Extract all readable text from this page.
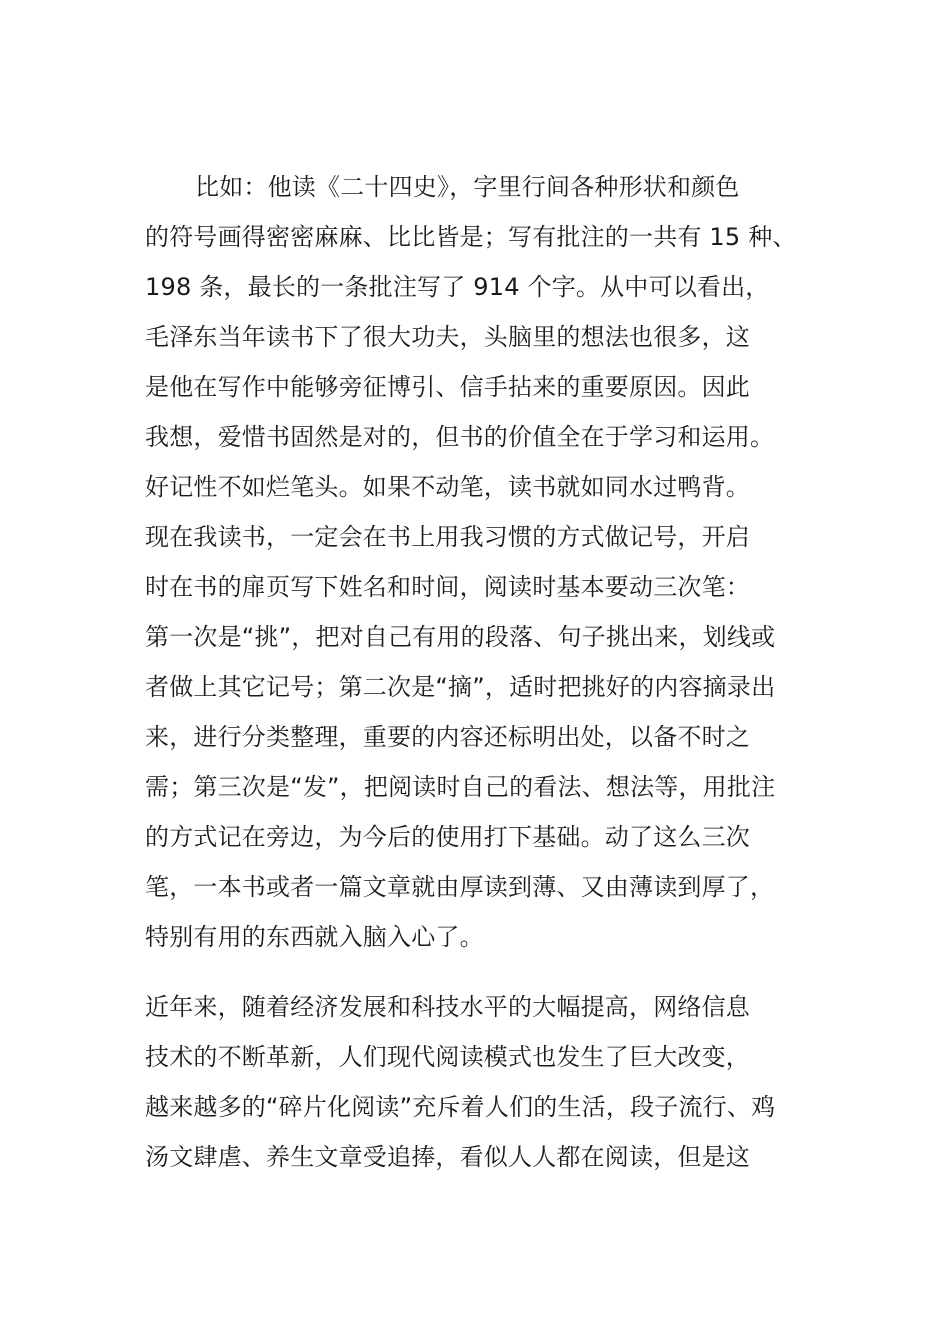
比如：他读《二十四史》，字里行间各种形状和颜色
的符号画得密密麻麻、比比皆是；写有批注的一共有 15 种、
198 条，最长的一条批注写了 914 个字。从中可以看出，
毛泽东当年读书下了很大功夫，头脑里的想法也很多，这
是他在写作中能够旁征博引、信手拈来的重要原因。因此
我想，爱惜书固然是对的，但书的价值全在于学习和运用。
好记性不如烂笔头。如果不动笔，读书就如同水过鸭背。
现在我读书，一定会在书上用我习惯的方式做记号，开启
时在书的扉页写下姓名和时间，阅读时基本要动三次笔：
第一次是“挑”，把对自己有用的段落、句子挑出来，划线或
者做上其它记号；第二次是“摘”，适时把挑好的内容摘录出
来，进行分类整理，重要的内容还标明出处，以备不时之
需；第三次是“发”，把阅读时自己的看法、想法等，用批注
的方式记在旁边，为今后的使用打下基础。动了这么三次
笔，一本书或者一篇文章就由厚读到薄、又由薄读到厚了，
特别有用的东西就入脑入心了。
近年来，随着经济发展和科技水平的大幅提高，网络信息
技术的不断革新，人们现代阅读模式也发生了巨大改变，
越来越多的“碎片化阅读”充斥着人们的生活，段子流行、鸡
汤文肆虐、养生文章受追捧，看似人人都在阅读，但是这
